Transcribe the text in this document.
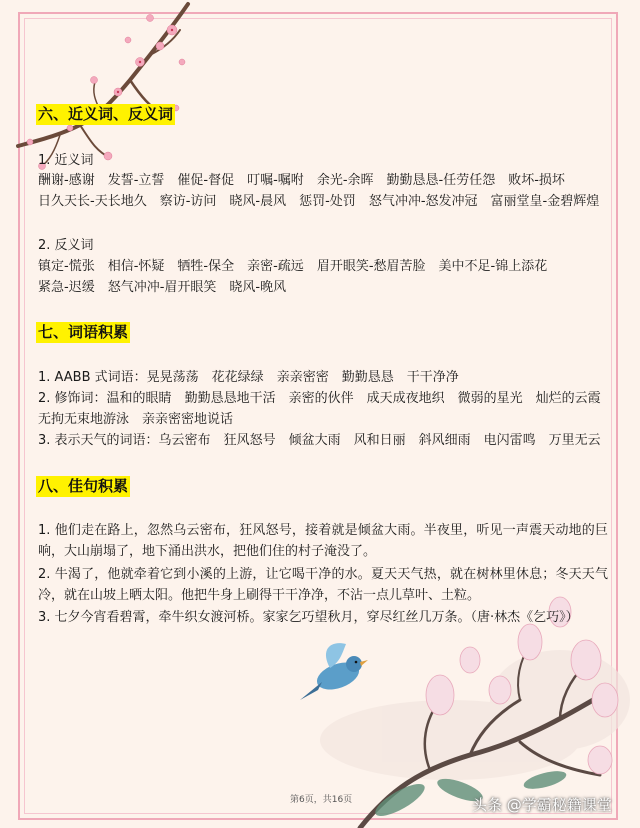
六、近义词、反义词
1. 近义词
酬谢-感谢 发誓-立誓 催促-督促 叮嘱-嘱咐 余光-余晖 勤勤恳恳-任劳任怨 败坏-损坏
日久天长-天长地久 察访-访问 晓风-晨风 惩罚-处罚 怒气冲冲-怒发冲冠 富丽堂皇-金碧辉煌
2. 反义词
镇定-慌张 相信-怀疑 牺牲-保全 亲密-疏远 眉开眼笑-愁眉苦脸 美中不足-锦上添花
紧急-迟缓 怒气冲冲-眉开眼笑 晓风-晚风
七、词语积累
1. AABB 式词语：晃晃荡荡 花花绿绿 亲亲密密 勤勤恳恳 干干净净
2. 修饰词：温和的眼睛 勤勤恳恳地干活 亲密的伙伴 成天成夜地织 微弱的星光 灿烂的云霞
无拘无束地游泳 亲亲密密地说话
3. 表示天气的词语：乌云密布 狂风怒号 倾盆大雨 风和日丽 斜风细雨 电闪雷鸣 万里无云
八、佳句积累
1. 他们走在路上，忽然乌云密布，狂风怒号，接着就是倾盆大雨。半夜里，听见一声震天动地的巨响，大山崩塌了，地下涌出洪水，把他们住的村子淹没了。
2. 牛渴了，他就牵着它到小溪的上游，让它喝干净的水。夏天天气热，就在树林里休息；冬天天气冷，就在山坡上晒太阳。他把牛身上刷得干干净净，不沾一点儿草叶、土粒。
3. 七夕今宵看碧霄，牵牛织女渡河桥。家家乞巧望秋月，穿尽红丝几万条。（唐·林杰《乞巧》）
第6页，共16页	头条 @学霸秘籍课堂
